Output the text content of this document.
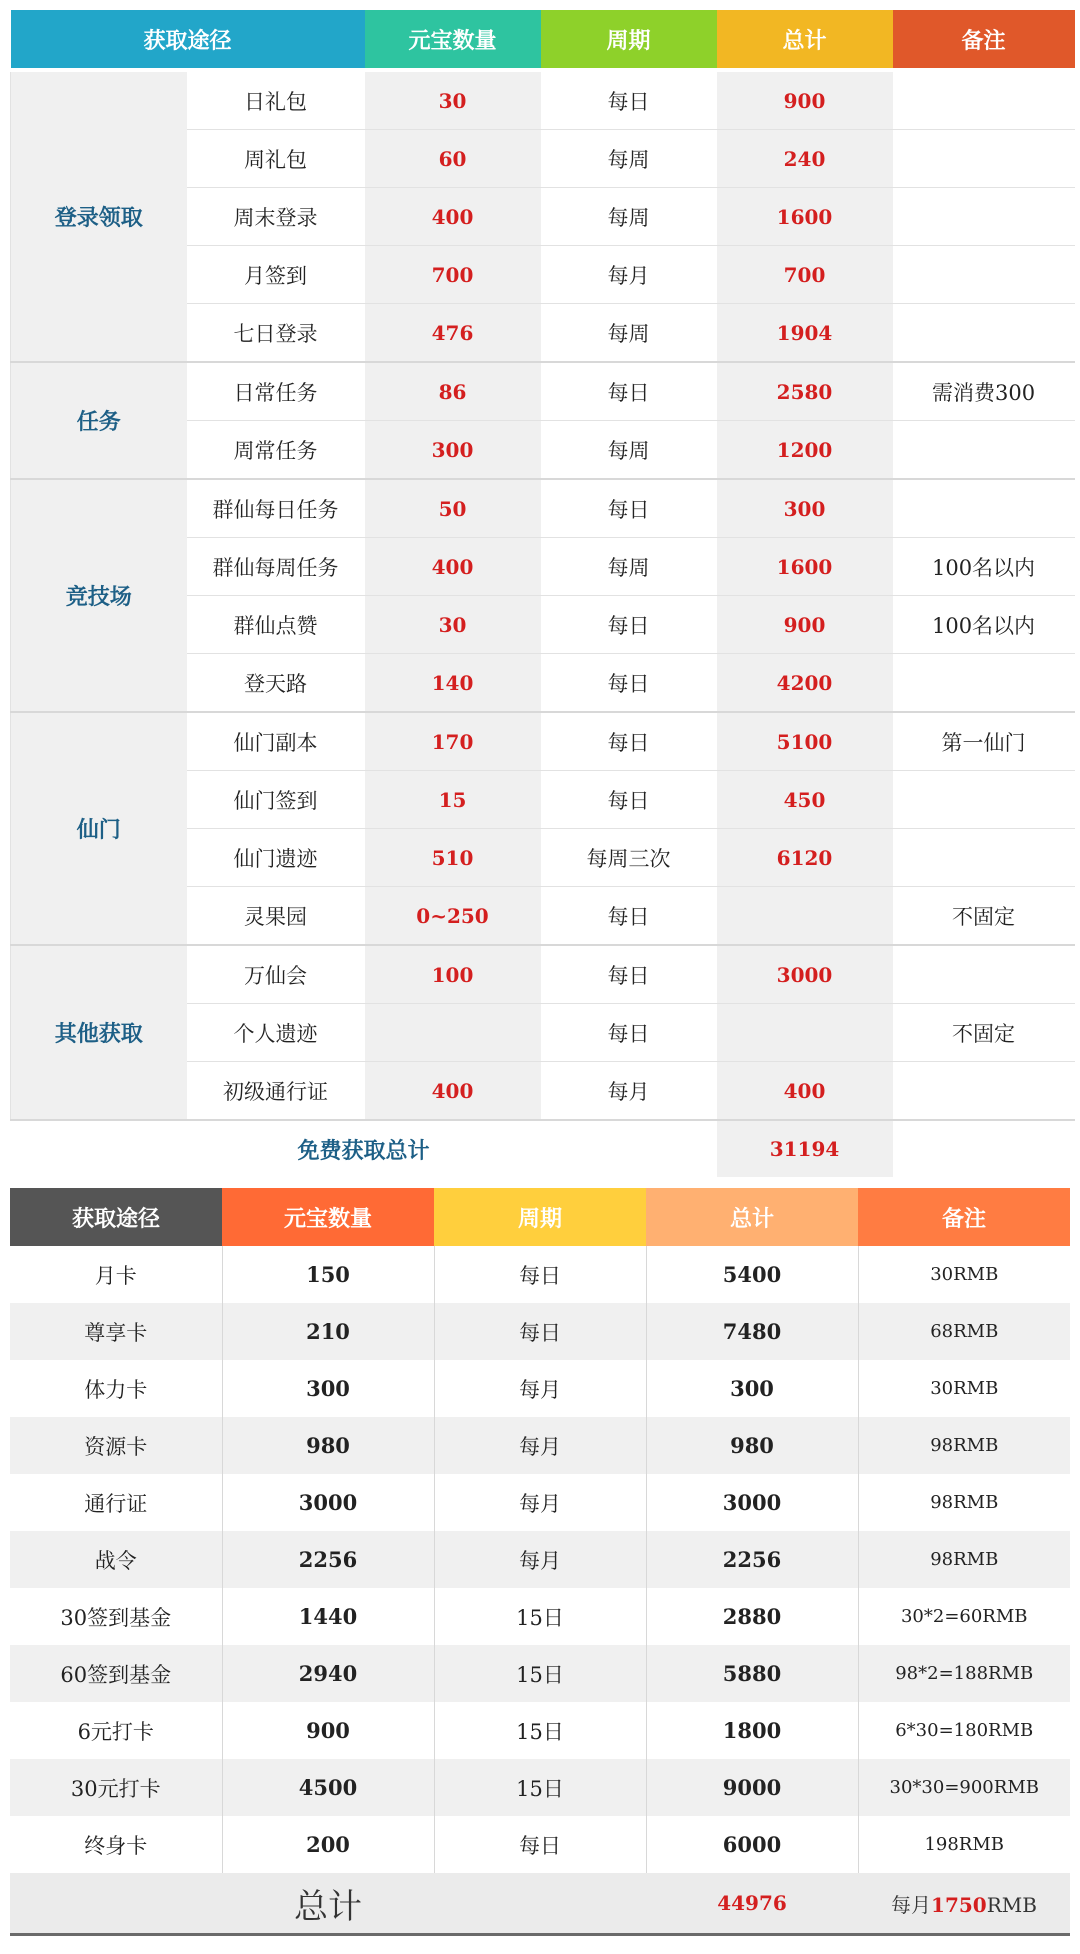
获取途径		元宝数量	周期	总计	备注
登录领取	日礼包	30	每日	900	
	周礼包	60	每周	240	
	周末登录	400	每周	1600	
	月签到	700	每月	700	
	七日登录	476	每周	1904	
任务	日常任务	86	每日	2580	需消费300
	周常任务	300	每周	1200	
竞技场	群仙每日任务	50	每日	300	
	群仙每周任务	400	每周	1600	100名以内
	群仙点赞	30	每日	900	100名以内
	登天路	140	每日	4200	
仙门	仙门副本	170	每日	5100	第一仙门
	仙门签到	15	每日	450	
	仙门遗迹	510	每周三次	6120	
	灵果园	0~250	每日		不固定
其他获取	万仙会	100	每日	3000	
	个人遗迹		每日		不固定
	初级通行证	400	每月	400	
免费获取总计				31194	
获取途径	元宝数量	周期	总计	备注
月卡	150	每日	5400	30RMB
尊享卡	210	每日	7480	68RMB
体力卡	300	每月	300	30RMB
资源卡	980	每月	980	98RMB
通行证	3000	每月	3000	98RMB
战令	2256	每月	2256	98RMB
30签到基金	1440	15日	2880	30*2=60RMB
60签到基金	2940	15日	5880	98*2=188RMB
6元打卡	900	15日	1800	6*30=180RMB
30元打卡	4500	15日	9000	30*30=900RMB
终身卡	200	每日	6000	198RMB
总计			44976	每月1750RMB
